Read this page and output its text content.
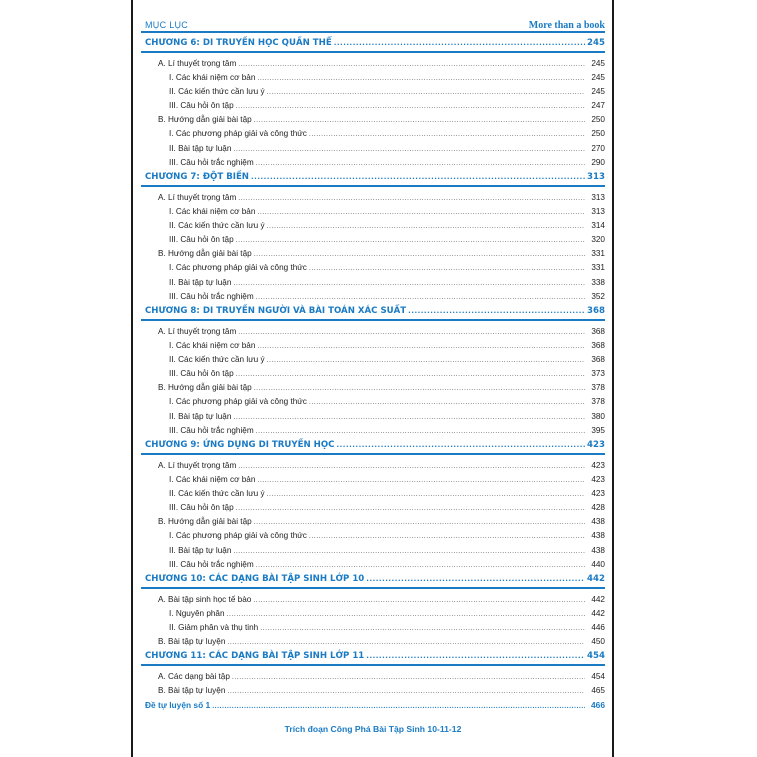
MỤC LỤC	More than a book
CHƯƠNG 6: DI TRUYỀN HỌC QUẦN THỂ .....	245
A. Lí thuyết trọng tâm .....	245
I. Các khái niệm cơ bản .....	245
II. Các kiến thức cần lưu ý .....	245
III. Câu hỏi ôn tập .....	247
B. Hướng dẫn giải bài tập .....	250
I. Các phương pháp giải và công thức .....	250
II. Bài tập tự luận .....	270
III. Câu hỏi trắc nghiệm .....	290
CHƯƠNG 7: ĐỘT BIẾN .....	313
A. Lí thuyết trọng tâm .....	313
I. Các khái niệm cơ bản .....	313
II. Các kiến thức cần lưu ý .....	314
III. Câu hỏi ôn tập .....	320
B. Hướng dẫn giải bài tập .....	331
I. Các phương pháp giải và công thức .....	331
II. Bài tập tự luận .....	338
III. Câu hỏi trắc nghiệm .....	352
CHƯƠNG 8: DI TRUYỀN NGƯỜI VÀ BÀI TOÁN XÁC SUẤT .....	368
A. Lí thuyết trọng tâm .....	368
I. Các khái niệm cơ bản .....	368
II. Các kiến thức cần lưu ý .....	368
III. Câu hỏi ôn tập .....	373
B. Hướng dẫn giải bài tập .....	378
I. Các phương pháp giải và công thức .....	378
II. Bài tập tự luận .....	380
III. Câu hỏi trắc nghiệm .....	395
CHƯƠNG 9: ỨNG DỤNG DI TRUYỀN HỌC .....	423
A. Lí thuyết trọng tâm .....	423
I. Các khái niệm cơ bản .....	423
II. Các kiến thức cần lưu ý .....	423
III. Câu hỏi ôn tập .....	428
B. Hướng dẫn giải bài tập .....	438
I. Các phương pháp giải và công thức .....	438
II. Bài tập tự luận .....	438
III. Câu hỏi trắc nghiệm .....	440
CHƯƠNG 10: CÁC DẠNG BÀI TẬP SINH LỚP 10 .....	442
A. Bài tập sinh học tế bào .....	442
I. Nguyên phân .....	442
II. Giảm phân và thụ tinh .....	446
B. Bài tập tự luyện .....	450
CHƯƠNG 11: CÁC DẠNG BÀI TẬP SINH LỚP 11 .....	454
A. Các dạng bài tập .....	454
B. Bài tập tự luyện .....	465
Đề tự luyện số 1 .....	466
Trích đoạn Công Phá Bài Tập Sinh 10-11-12
